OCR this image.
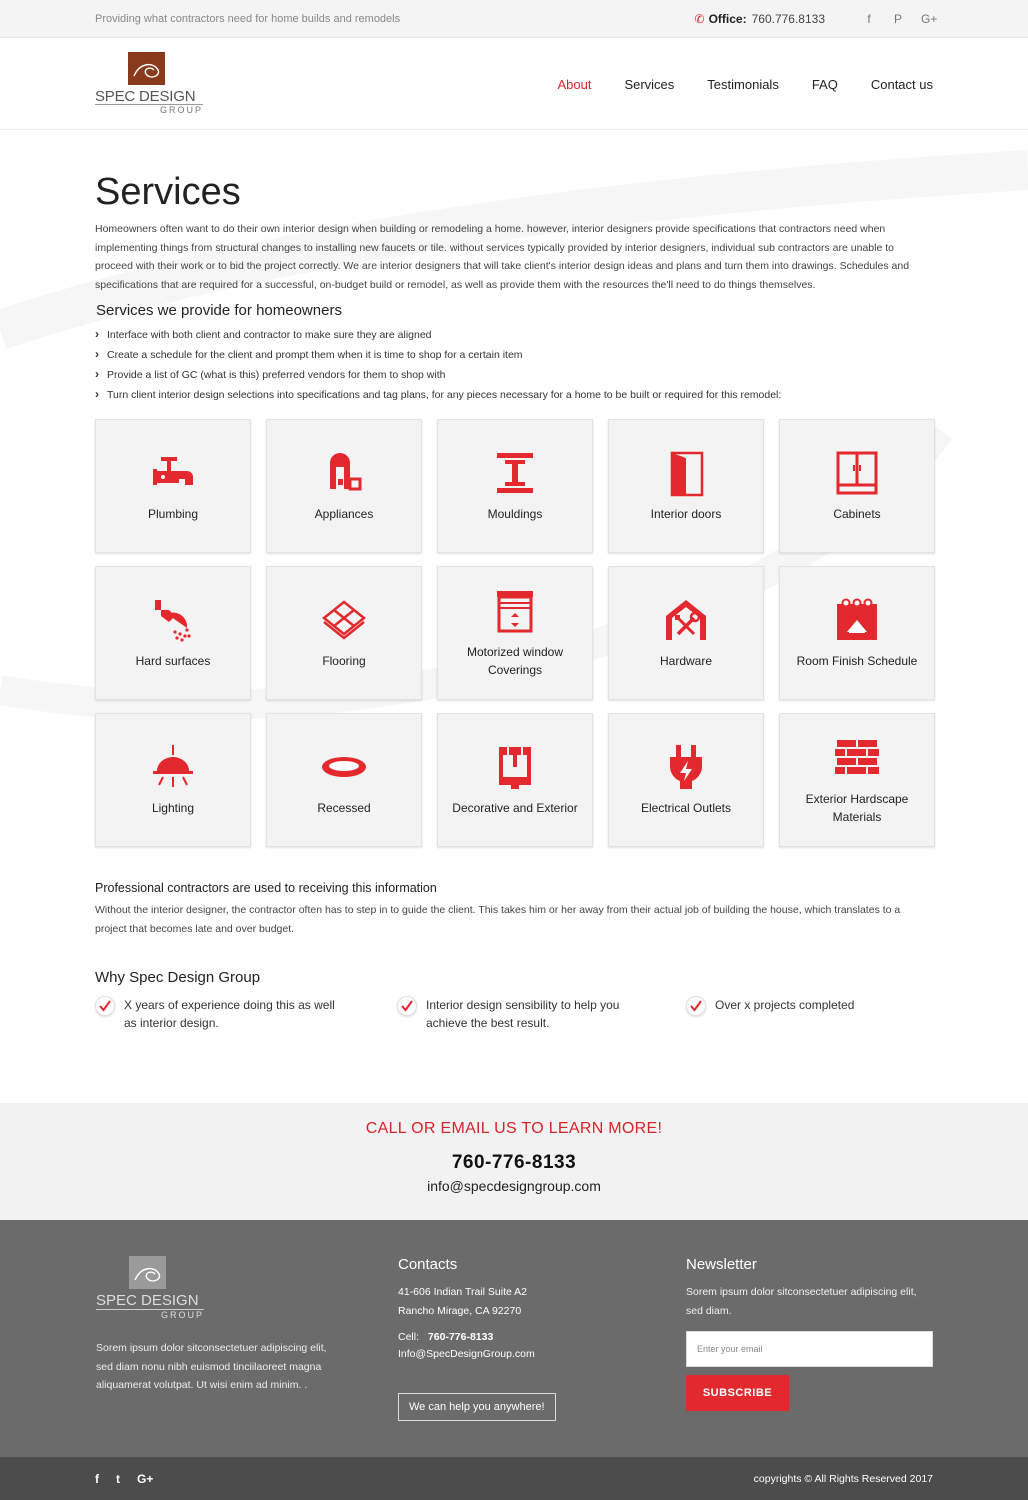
Providing what contractors need for home builds and remodels	✆ Office: 760.776.8133	f	P G+
SPEC DESIGN
GROUP
About	Services	Testimonials	FAQ	Contact us
Services

Homeowners often want to do their own interior design when building or remodeling a home. however, interior designers provide specifications that contractors need when implementing things from structural changes to installing new faucets or tile. without services typically provided by interior designers, individual sub contractors are unable to proceed with their work or to bid the project correctly. We are interior designers that will take client's interior design ideas and plans and turn them into drawings. Schedules and specifications that are required for a successful, on-budget build or remodel, as well as provide them with the resources the'll need to do things themselves.

Services we provide for homeowners
› Interface with both client and contractor to make sure they are aligned
› Create a schedule for the client and prompt them when it is time to shop for a certain item
› Provide a list of GC (what is this) preferred vendors for them to shop with
› Turn client interior design selections into specifications and tag plans, for any pieces necessary for a home to be built or required for this remodel:
Plumbing	Appliances	Mouldings	Interior doors	Cabinets
Hard surfaces	Flooring
Motorized window Coverings
Hardware	Room Finish Schedule
Lighting	Recessed	Decorative and Exterior	Electrical Outlets
Exterior Hardscape Materials
Professional contractors are used to receiving this information

Without the interior designer, the contractor often has to step in to guide the client. This takes him or her away from their actual job of building the house, which translates to a project that becomes late and over budget.

Why Spec Design Group
X years of experience doing this as well as interior design.
Interior design sensibility to help you achieve the best result.
Over x projects completed
CALL OR EMAIL US TO LEARN MORE!
760-776-8133
info@specdesigngroup.com
SPEC DESIGN
GROUP

Sorem ipsum dolor sitconsectetuer adipiscing elit, sed diam nonu nibh euismod tinciilaoreet magna aliquamerat volutpat. Ut wisi enim ad minim. .

Contacts
41-606 Indian Trail Suite A2
Rancho Mirage, CA 92270
Cell: 760-776-8133
Info@SpecDesignGroup.com
We can help you anywhere!
Newsletter

Sorem ipsum dolor sitconsectetuer adipiscing elit, sed diam.

Enter your email
SUBSCRIBE
f t G+	copyrights © All Rights Reserved 2017
